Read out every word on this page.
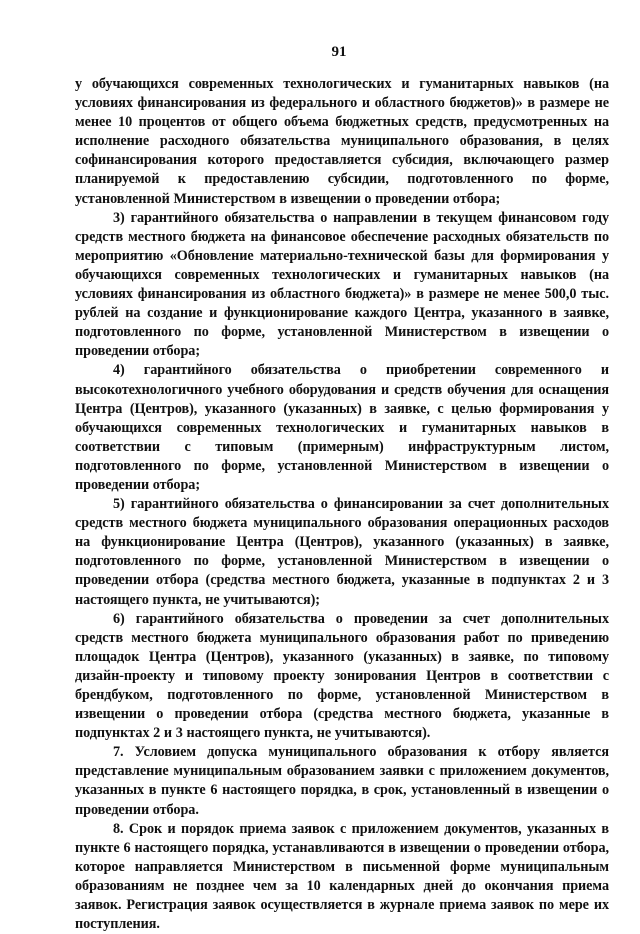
91

у обучающихся современных технологических и гуманитарных навыков (на условиях финансирования из федерального и областного бюджетов)» в размере не менее 10 процентов от общего объема бюджетных средств, предусмотренных на исполнение расходного обязательства муниципального образования, в целях софинансирования которого предоставляется субсидия, включающего размер планируемой к предоставлению субсидии, подготовленного по форме, установленной Министерством в извещении о проведении отбора;

3) гарантийного обязательства о направлении в текущем финансовом году средств местного бюджета на финансовое обеспечение расходных обязательств по мероприятию «Обновление материально-технической базы для формирования у обучающихся современных технологических и гуманитарных навыков (на условиях финансирования из областного бюджета)» в размере не менее 500,0 тыс. рублей на создание и функционирование каждого Центра, указанного в заявке, подготовленного по форме, установленной Министерством в извещении о проведении отбора;

4) гарантийного обязательства о приобретении современного и высокотехнологичного учебного оборудования и средств обучения для оснащения Центра (Центров), указанного (указанных) в заявке, с целью формирования у обучающихся современных технологических и гуманитарных навыков в соответствии с типовым (примерным) инфраструктурным листом, подготовленного по форме, установленной Министерством в извещении о проведении отбора;

5) гарантийного обязательства о финансировании за счет дополнительных средств местного бюджета муниципального образования операционных расходов на функционирование Центра (Центров), указанного (указанных) в заявке, подготовленного по форме, установленной Министерством в извещении о проведении отбора (средства местного бюджета, указанные в подпунктах 2 и 3 настоящего пункта, не учитываются);

6) гарантийного обязательства о проведении за счет дополнительных средств местного бюджета муниципального образования работ по приведению площадок Центра (Центров), указанного (указанных) в заявке, по типовому дизайн-проекту и типовому проекту зонирования Центров в соответствии с брендбуком, подготовленного по форме, установленной Министерством в извещении о проведении отбора (средства местного бюджета, указанные в подпунктах 2 и 3 настоящего пункта, не учитываются).

7. Условием допуска муниципального образования к отбору является представление муниципальным образованием заявки с приложением документов, указанных в пункте 6 настоящего порядка, в срок, установленный в извещении о проведении отбора.

8. Срок и порядок приема заявок с приложением документов, указанных в пункте 6 настоящего порядка, устанавливаются в извещении о проведении отбора, которое направляется Министерством в письменной форме муниципальным образованиям не позднее чем за 10 календарных дней до окончания приема заявок. Регистрация заявок осуществляется в журнале приема заявок по мере их поступления.
